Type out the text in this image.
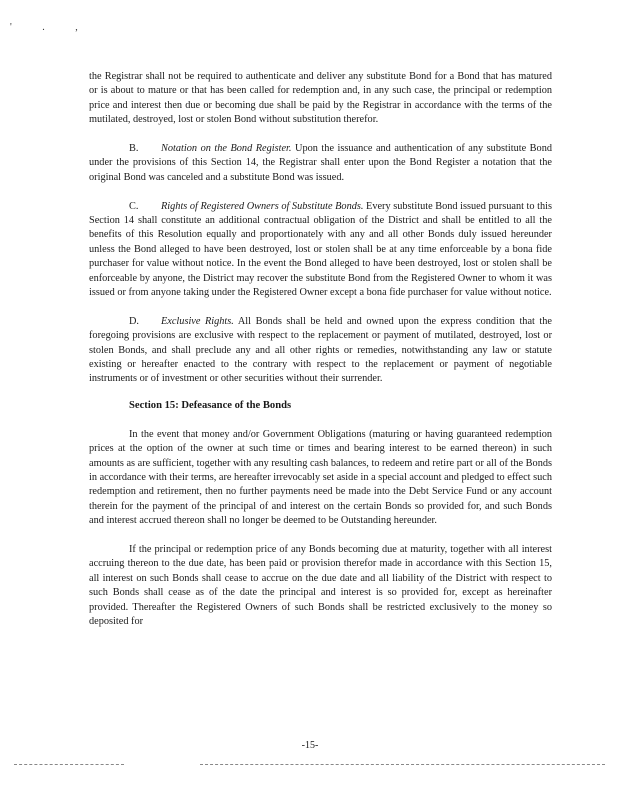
' . ,

the Registrar shall not be required to authenticate and deliver any substitute Bond for a Bond that has matured or is about to mature or that has been called for redemption and, in any such case, the principal or redemption price and interest then due or becoming due shall be paid by the Registrar in accordance with the terms of the mutilated, destroyed, lost or stolen Bond without substitution therefor.

B. Notation on the Bond Register. Upon the issuance and authentication of any substitute Bond under the provisions of this Section 14, the Registrar shall enter upon the Bond Register a notation that the original Bond was canceled and a substitute Bond was issued.

C. Rights of Registered Owners of Substitute Bonds. Every substitute Bond issued pursuant to this Section 14 shall constitute an additional contractual obligation of the District and shall be entitled to all the benefits of this Resolution equally and proportionately with any and all other Bonds duly issued hereunder unless the Bond alleged to have been destroyed, lost or stolen shall be at any time enforceable by a bona fide purchaser for value without notice. In the event the Bond alleged to have been destroyed, lost or stolen shall be enforceable by anyone, the District may recover the substitute Bond from the Registered Owner to whom it was issued or from anyone taking under the Registered Owner except a bona fide purchaser for value without notice.

D. Exclusive Rights. All Bonds shall be held and owned upon the express condition that the foregoing provisions are exclusive with respect to the replacement or payment of mutilated, destroyed, lost or stolen Bonds, and shall preclude any and all other rights or remedies, notwithstanding any law or statute existing or hereafter enacted to the contrary with respect to the replacement or payment of negotiable instruments or of investment or other securities without their surrender.

Section 15: Defeasance of the Bonds

In the event that money and/or Government Obligations (maturing or having guaranteed redemption prices at the option of the owner at such time or times and bearing interest to be earned thereon) in such amounts as are sufficient, together with any resulting cash balances, to redeem and retire part or all of the Bonds in accordance with their terms, are hereafter irrevocably set aside in a special account and pledged to effect such redemption and retirement, then no further payments need be made into the Debt Service Fund or any account therein for the payment of the principal of and interest on the certain Bonds so provided for, and such Bonds and interest accrued thereon shall no longer be deemed to be Outstanding hereunder.

If the principal or redemption price of any Bonds becoming due at maturity, together with all interest accruing thereon to the due date, has been paid or provision therefor made in accordance with this Section 15, all interest on such Bonds shall cease to accrue on the due date and all liability of the District with respect to such Bonds shall cease as of the date the principal and interest is so provided for, except as hereinafter provided. Thereafter the Registered Owners of such Bonds shall be restricted exclusively to the money so deposited for

-15-
